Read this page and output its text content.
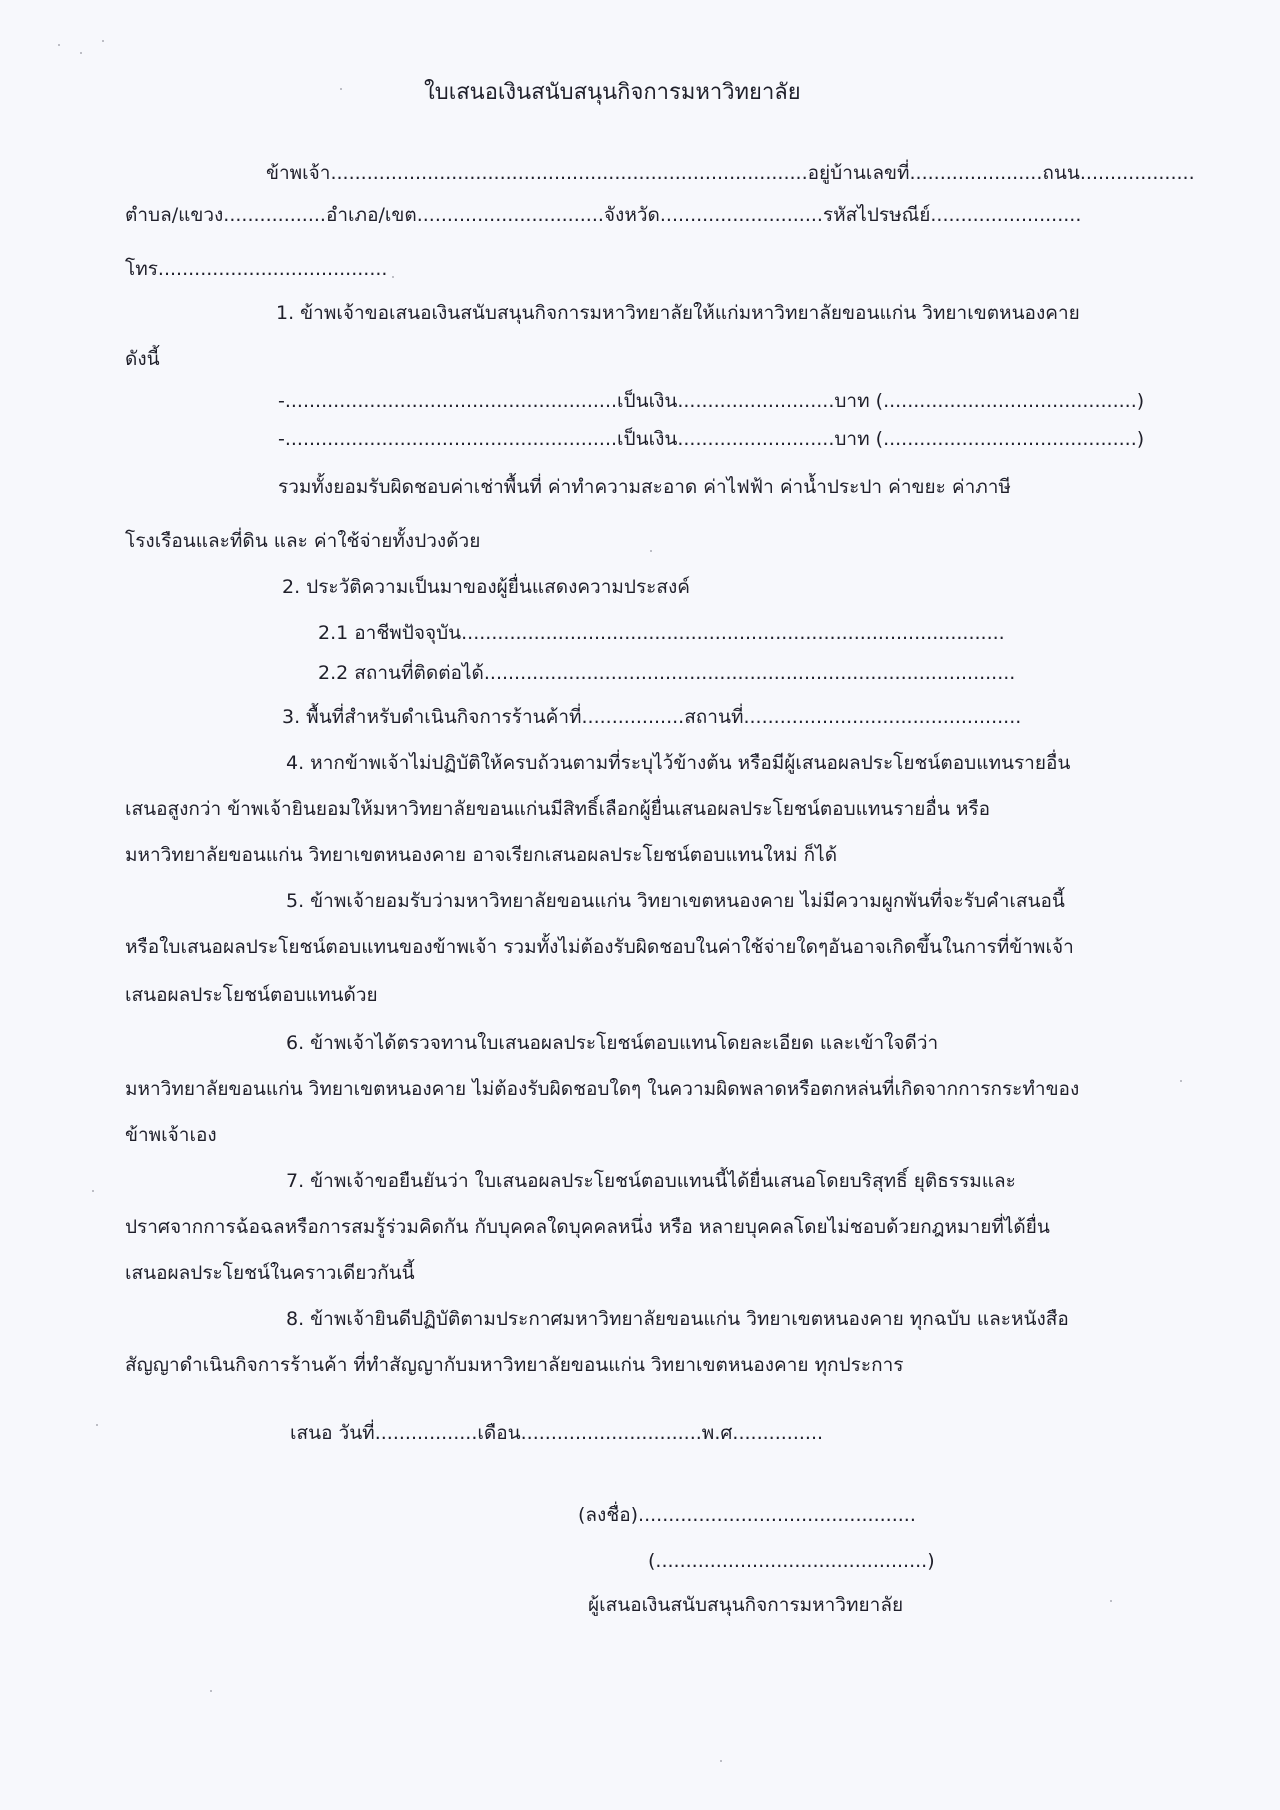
ใบเสนอเงินสนับสนุนกิจการมหาวิทยาลัย
ข้าพเจ้า...............................................................................อยู่บ้านเลขที่......................ถนน...................
ตำบล/แขวง.................อำเภอ/เขต...............................จังหวัด...........................รหัสไปรษณีย์.........................
โทร......................................
1. ข้าพเจ้าขอเสนอเงินสนับสนุนกิจการมหาวิทยาลัยให้แก่มหาวิทยาลัยขอนแก่น วิทยาเขตหนองคาย
ดังนี้
-.......................................................เป็นเงิน..........................บาท (..........................................)
-.......................................................เป็นเงิน..........................บาท (..........................................)
รวมทั้งยอมรับผิดชอบค่าเช่าพื้นที่ ค่าทำความสะอาด ค่าไฟฟ้า ค่าน้ำประปา ค่าขยะ ค่าภาษี
โรงเรือนและที่ดิน และ ค่าใช้จ่ายทั้งปวงด้วย
2. ประวัติความเป็นมาของผู้ยื่นแสดงความประสงค์
2.1 อาชีพปัจจุบัน..........................................................................................
2.2 สถานที่ติดต่อได้........................................................................................
3. พื้นที่สำหรับดำเนินกิจการร้านค้าที่.................สถานที่..............................................
4. หากข้าพเจ้าไม่ปฏิบัติให้ครบถ้วนตามที่ระบุไว้ข้างต้น หรือมีผู้เสนอผลประโยชน์ตอบแทนรายอื่น
เสนอสูงกว่า ข้าพเจ้ายินยอมให้มหาวิทยาลัยขอนแก่นมีสิทธิ์เลือกผู้ยื่นเสนอผลประโยชน์ตอบแทนรายอื่น หรือ
มหาวิทยาลัยขอนแก่น วิทยาเขตหนองคาย อาจเรียกเสนอผลประโยชน์ตอบแทนใหม่ ก็ได้
5. ข้าพเจ้ายอมรับว่ามหาวิทยาลัยขอนแก่น วิทยาเขตหนองคาย ไม่มีความผูกพันที่จะรับคำเสนอนี้
หรือใบเสนอผลประโยชน์ตอบแทนของข้าพเจ้า รวมทั้งไม่ต้องรับผิดชอบในค่าใช้จ่ายใดๆอันอาจเกิดขึ้นในการที่ข้าพเจ้า
เสนอผลประโยชน์ตอบแทนด้วย
6. ข้าพเจ้าได้ตรวจทานใบเสนอผลประโยชน์ตอบแทนโดยละเอียด และเข้าใจดีว่า
มหาวิทยาลัยขอนแก่น วิทยาเขตหนองคาย ไม่ต้องรับผิดชอบใดๆ ในความผิดพลาดหรือตกหล่นที่เกิดจากการกระทำของ
ข้าพเจ้าเอง
7. ข้าพเจ้าขอยืนยันว่า ใบเสนอผลประโยชน์ตอบแทนนี้ได้ยื่นเสนอโดยบริสุทธิ์ ยุติธรรมและ
ปราศจากการฉ้อฉลหรือการสมรู้ร่วมคิดกัน กับบุคคลใดบุคคลหนึ่ง หรือ หลายบุคคลโดยไม่ชอบด้วยกฎหมายที่ได้ยื่น
เสนอผลประโยชน์ในคราวเดียวกันนี้
8. ข้าพเจ้ายินดีปฏิบัติตามประกาศมหาวิทยาลัยขอนแก่น วิทยาเขตหนองคาย ทุกฉบับ และหนังสือ
สัญญาดำเนินกิจการร้านค้า ที่ทำสัญญากับมหาวิทยาลัยขอนแก่น วิทยาเขตหนองคาย ทุกประการ
เสนอ วันที่.................เดือน..............................พ.ศ...............
(ลงชื่อ)..............................................
(.............................................)
ผู้เสนอเงินสนับสนุนกิจการมหาวิทยาลัย
